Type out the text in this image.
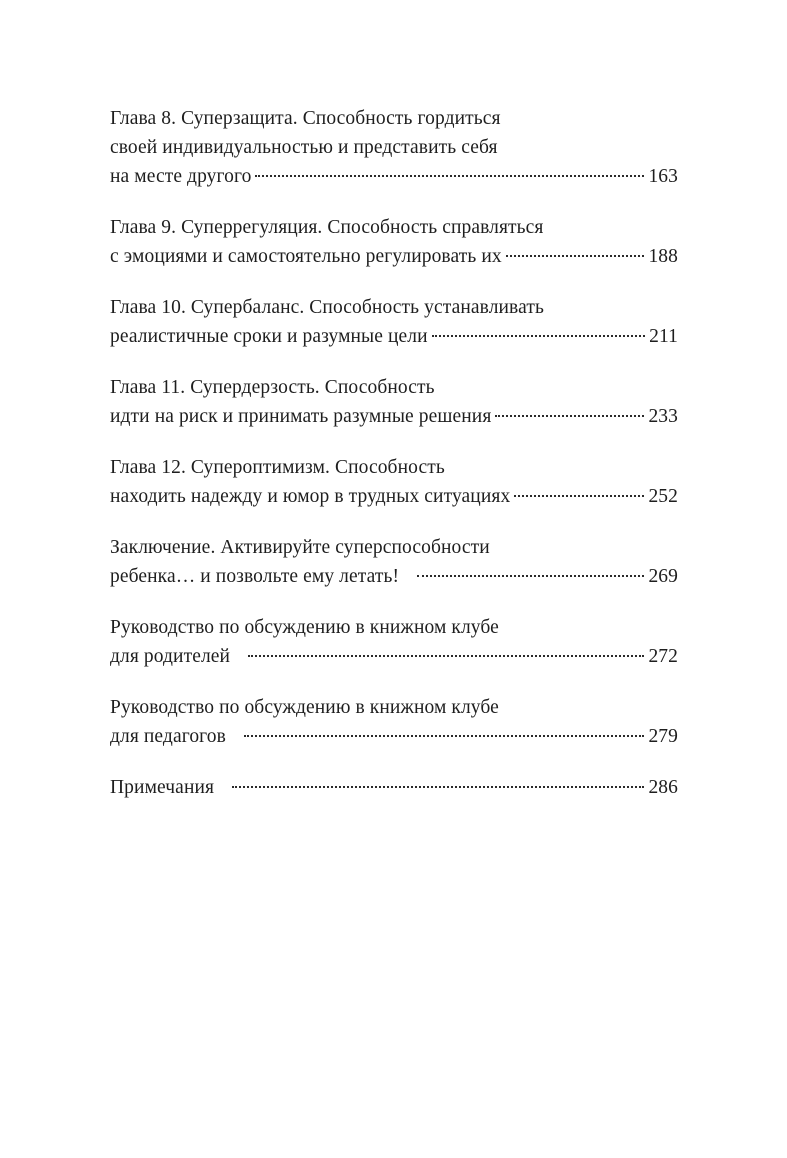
Глава 8. Суперзащита. Способность гордиться
своей индивидуальностью и представить себя
на месте другого	163
Глава 9. Суперрегуляция. Способность справляться
с эмоциями и самостоятельно регулировать их	188
Глава 10. Супербаланс. Способность устанавливать
реалистичные сроки и разумные цели	211
Глава 11. Супердерзость. Способность
идти на риск и принимать разумные решения	233
Глава 12. Супероптимизм. Способность
находить надежду и юмор в трудных ситуациях	252
Заключение. Активируйте суперспособности
ребенка… и позвольте ему летать!	269
Руководство по обсуждению в книжном клубе
для родителей	272
Руководство по обсуждению в книжном клубе
для педагогов	279
Примечания	286
